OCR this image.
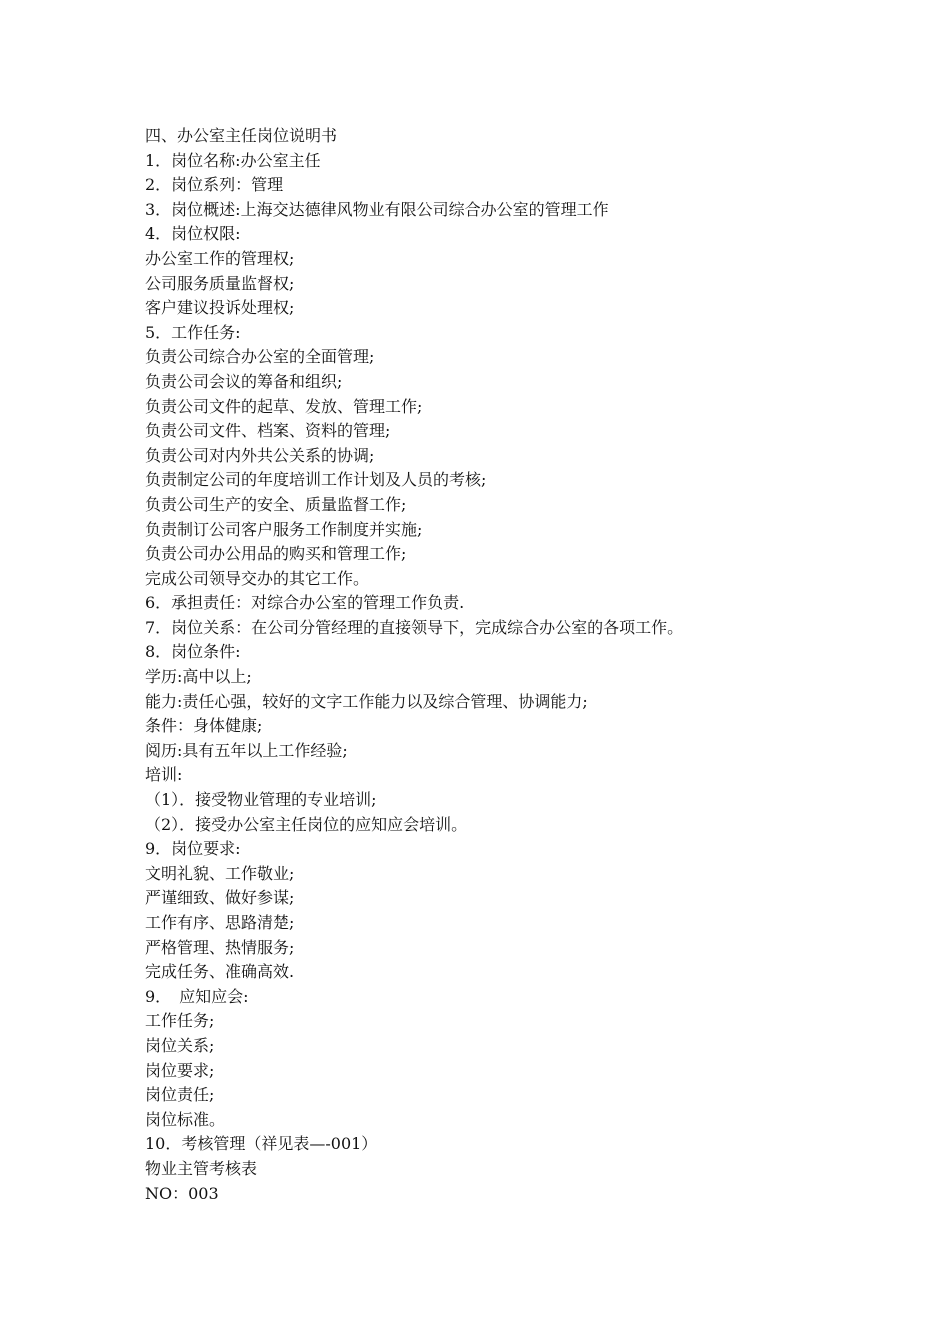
四、办公室主任岗位说明书

1．岗位名称:办公室主任

2．岗位系列：管理

3．岗位概述:上海交达德律风物业有限公司综合办公室的管理工作

4．岗位权限:

办公室工作的管理权;

公司服务质量监督权;

客户建议投诉处理权;

5．工作任务:

负责公司综合办公室的全面管理;

负责公司会议的筹备和组织;

负责公司文件的起草、发放、管理工作;

负责公司文件、档案、资料的管理;

负责公司对内外共公关系的协调;

负责制定公司的年度培训工作计划及人员的考核;

负责公司生产的安全、质量监督工作;

负责制订公司客户服务工作制度并实施;

负责公司办公用品的购买和管理工作;

完成公司领导交办的其它工作。

6．承担责任：对综合办公室的管理工作负责.

7．岗位关系：在公司分管经理的直接领导下，完成综合办公室的各项工作。

8．岗位条件:

学历:高中以上;

能力:责任心强，较好的文字工作能力以及综合管理、协调能力;

条件：身体健康;

阅历:具有五年以上工作经验;

培训:

（1）．接受物业管理的专业培训;

（2）．接受办公室主任岗位的应知应会培训。

9．岗位要求:

文明礼貌、工作敬业;

严谨细致、做好参谋;

工作有序、思路清楚;

严格管理、热情服务;

完成任务、准确高效.

9．　应知应会:

工作任务;

岗位关系;

岗位要求;

岗位责任;

岗位标准。

10．考核管理（祥见表—-001）

物业主管考核表

NO：003
